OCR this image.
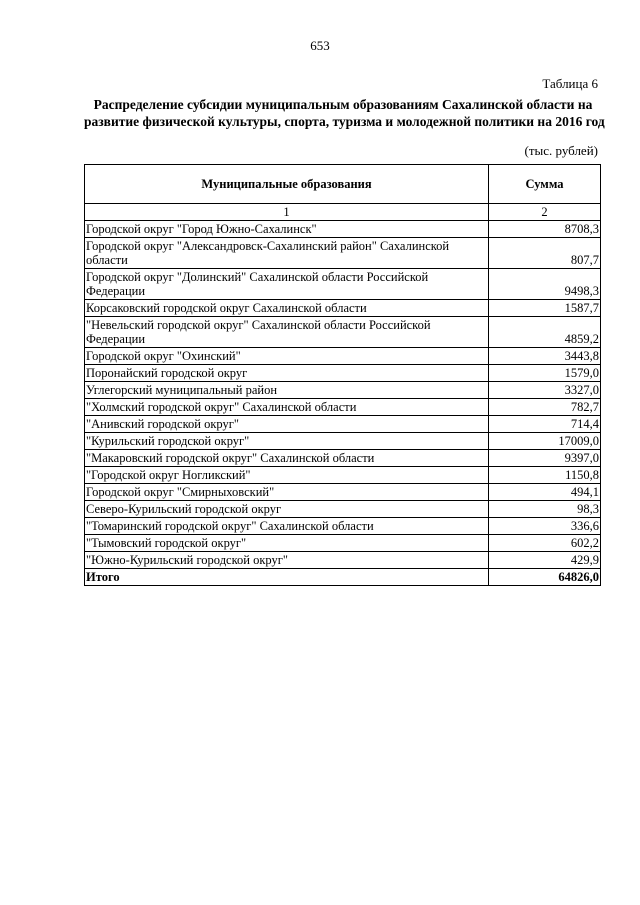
653
Таблица 6
Распределение субсидии муниципальным образованиям Сахалинской области на
развитие физической культуры, спорта, туризма и молодежной политики на 2016 год
(тыс. рублей)
Муниципальные образования	Сумма
1	2
Городской округ "Город Южно-Сахалинск"	8708,3
Городской округ "Александровск-Сахалинский район" Сахалинской области	807,7
Городской округ "Долинский" Сахалинской области Российской Федерации	9498,3
Корсаковский городской округ Сахалинской области	1587,7
"Невельский городской округ" Сахалинской области Российской Федерации	4859,2
Городской округ "Охинский"	3443,8
Поронайский городской округ	1579,0
Углегорский муниципальный район	3327,0
"Холмский городской округ" Сахалинской области	782,7
"Анивский городской округ"	714,4
"Курильский городской округ"	17009,0
"Макаровский городской округ" Сахалинской области	9397,0
"Городской округ Ногликский"	1150,8
Городской округ "Смирныховский"	494,1
Северо-Курильский городской округ	98,3
"Томаринский городской округ" Сахалинской области	336,6
"Тымовский городской округ"	602,2
"Южно-Курильский городской округ"	429,9
Итого	64826,0
